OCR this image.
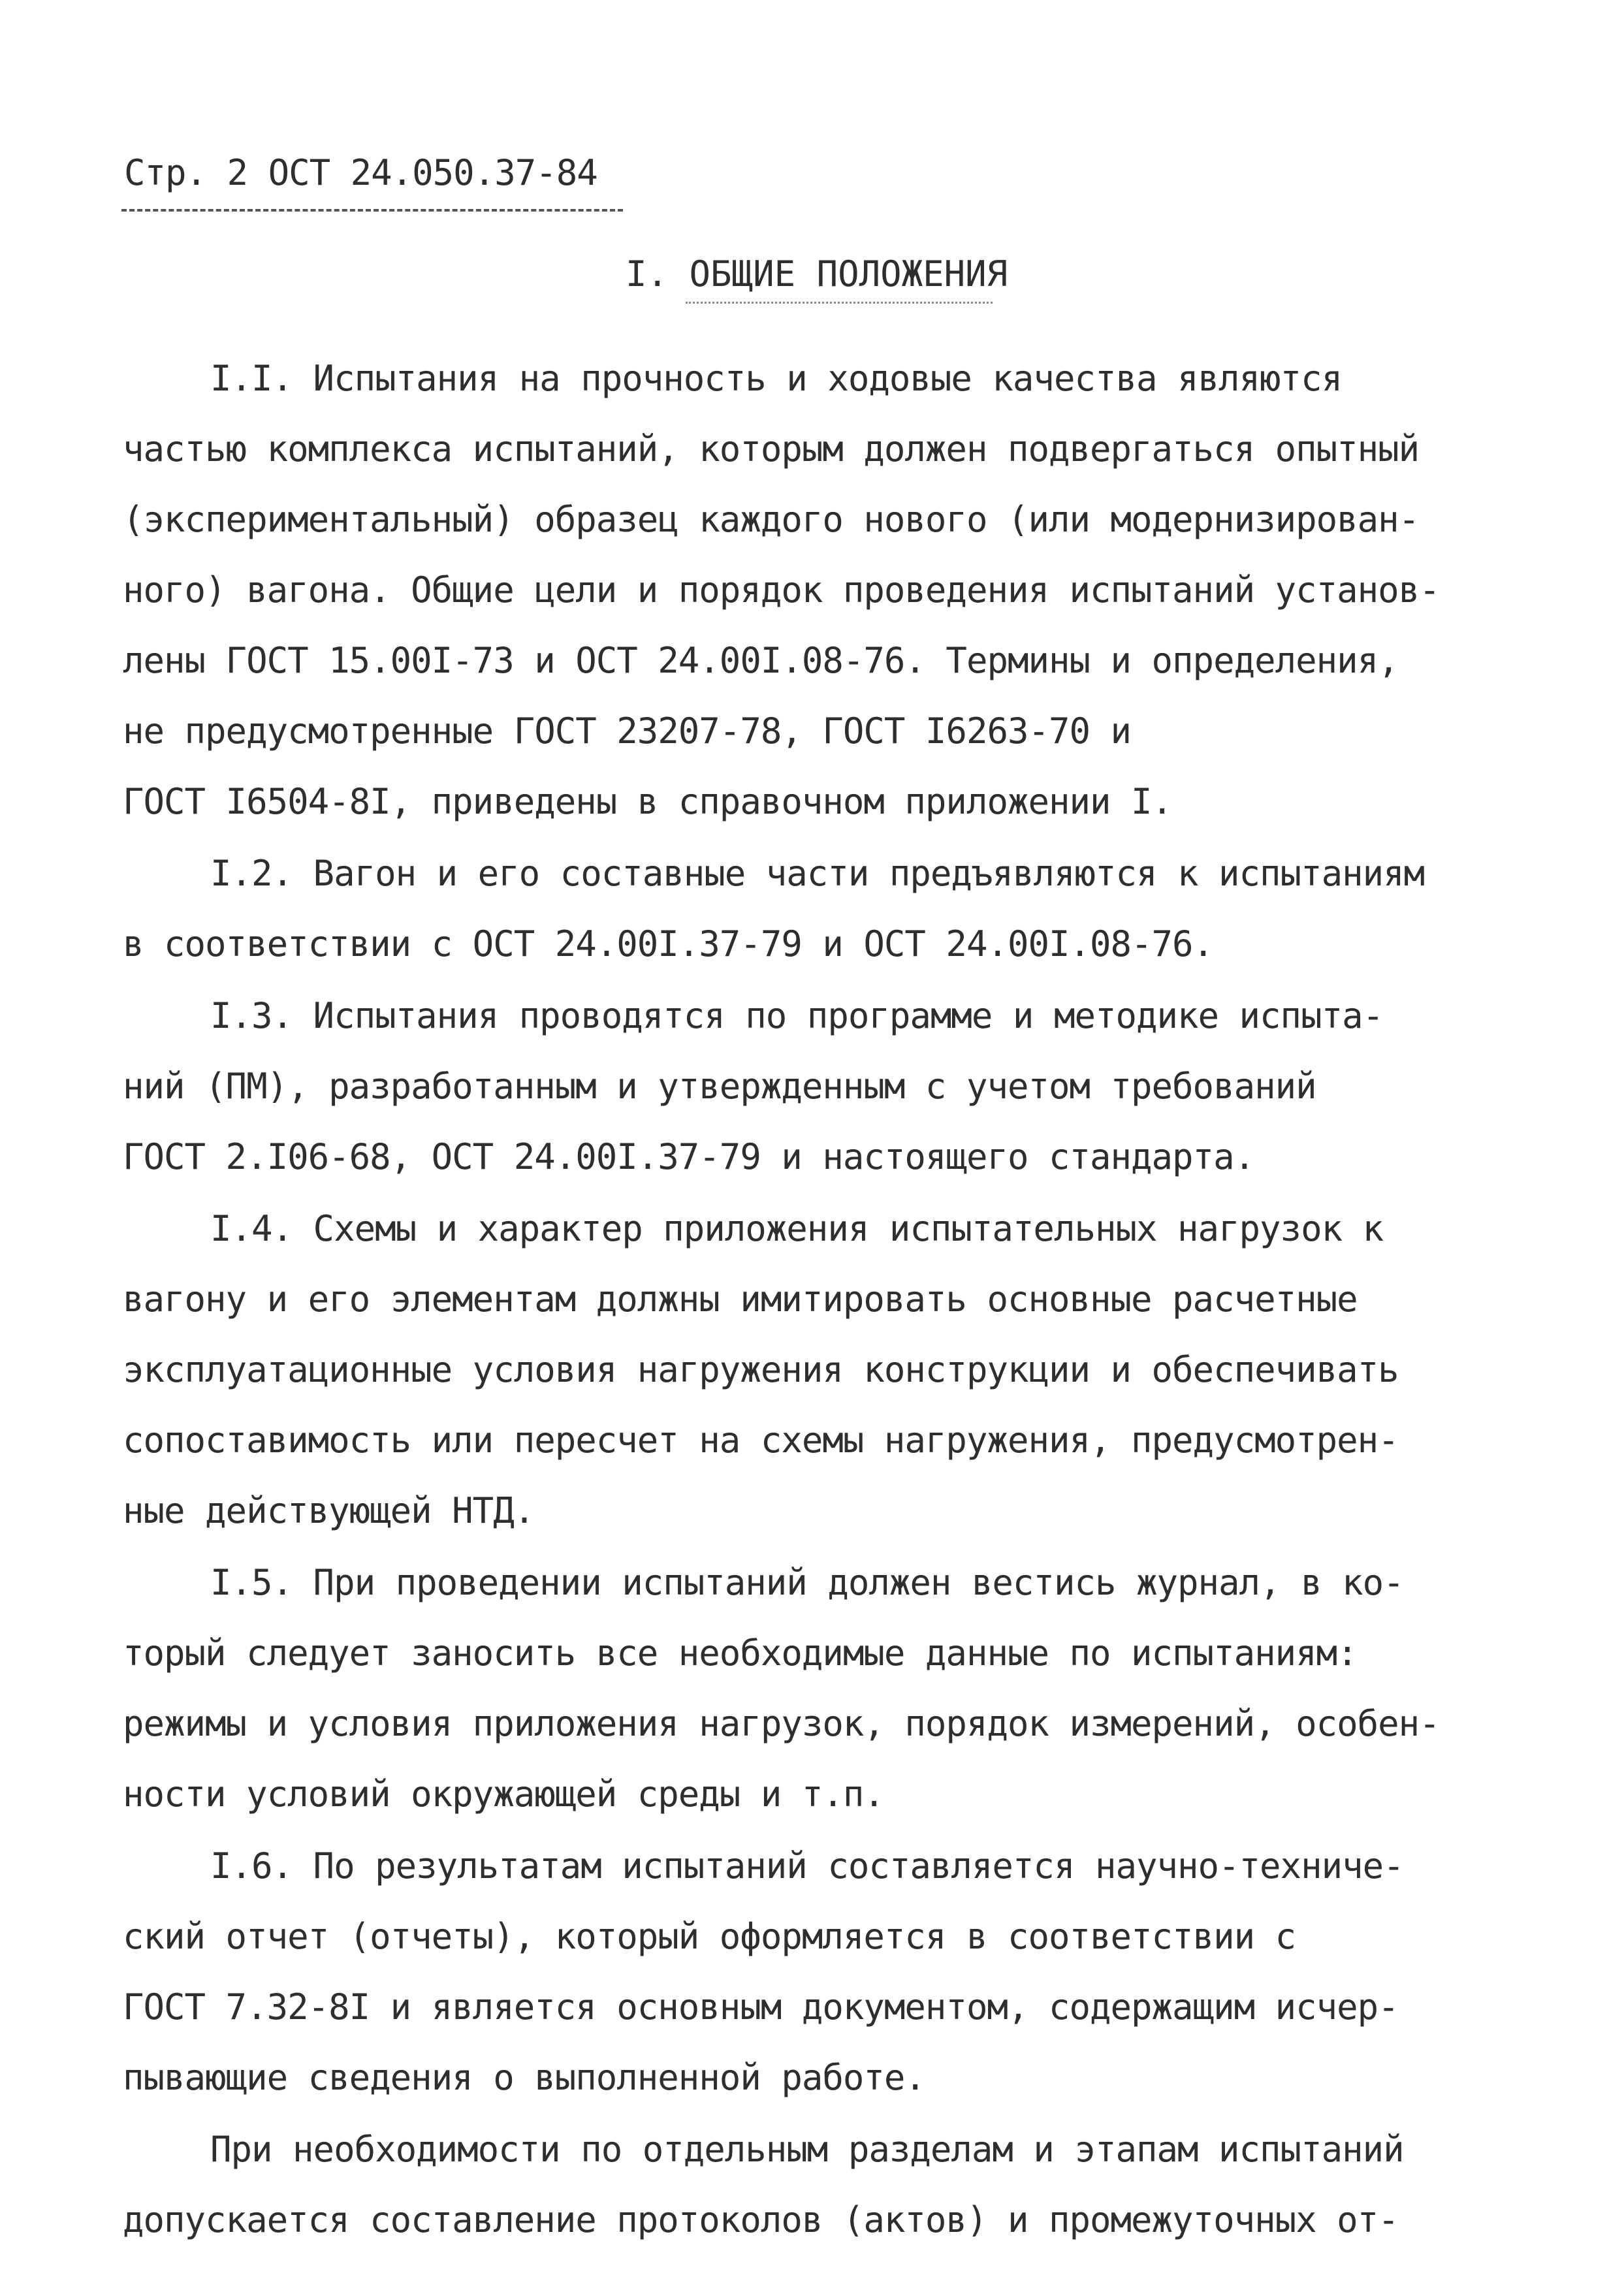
Стр. 2 ОСТ 24.050.37-84
I. ОБЩИЕ ПОЛОЖЕНИЯ
I.I. Испытания на прочность и ходовые качества являются
частью комплекса испытаний, которым должен подвергаться опытный
(экспериментальный) образец каждого нового (или модернизирован-
ного) вагона. Общие цели и порядок проведения испытаний установ-
лены ГОСТ 15.00I-73 и ОСТ 24.00I.08-76. Термины и определения,
не предусмотренные ГОСТ 23207-78, ГОСТ I6263-70 и
ГОСТ I6504-8I, приведены в справочном приложении I.
I.2. Вагон и его составные части предъявляются к испытаниям
в соответствии с ОСТ 24.00I.37-79 и ОСТ 24.00I.08-76.
I.3. Испытания проводятся по программе и методике испыта-
ний (ПМ), разработанным и утвержденным с учетом требований
ГОСТ 2.I06-68, ОСТ 24.00I.37-79 и настоящего стандарта.
I.4. Схемы и характер приложения испытательных нагрузок к
вагону и его элементам должны имитировать основные расчетные
эксплуатационные условия нагружения конструкции и обеспечивать
сопоставимость или пересчет на схемы нагружения, предусмотрен-
ные действующей НТД.
I.5. При проведении испытаний должен вестись журнал, в ко-
торый следует заносить все необходимые данные по испытаниям:
режимы и условия приложения нагрузок, порядок измерений, особен-
ности условий окружающей среды и т.п.
I.6. По результатам испытаний составляется научно-техниче-
ский отчет (отчеты), который оформляется в соответствии с
ГОСТ 7.32-8I и является основным документом, содержащим исчер-
пывающие сведения о выполненной работе.
При необходимости по отдельным разделам и этапам испытаний
допускается составление протоколов (актов) и промежуточных от-
